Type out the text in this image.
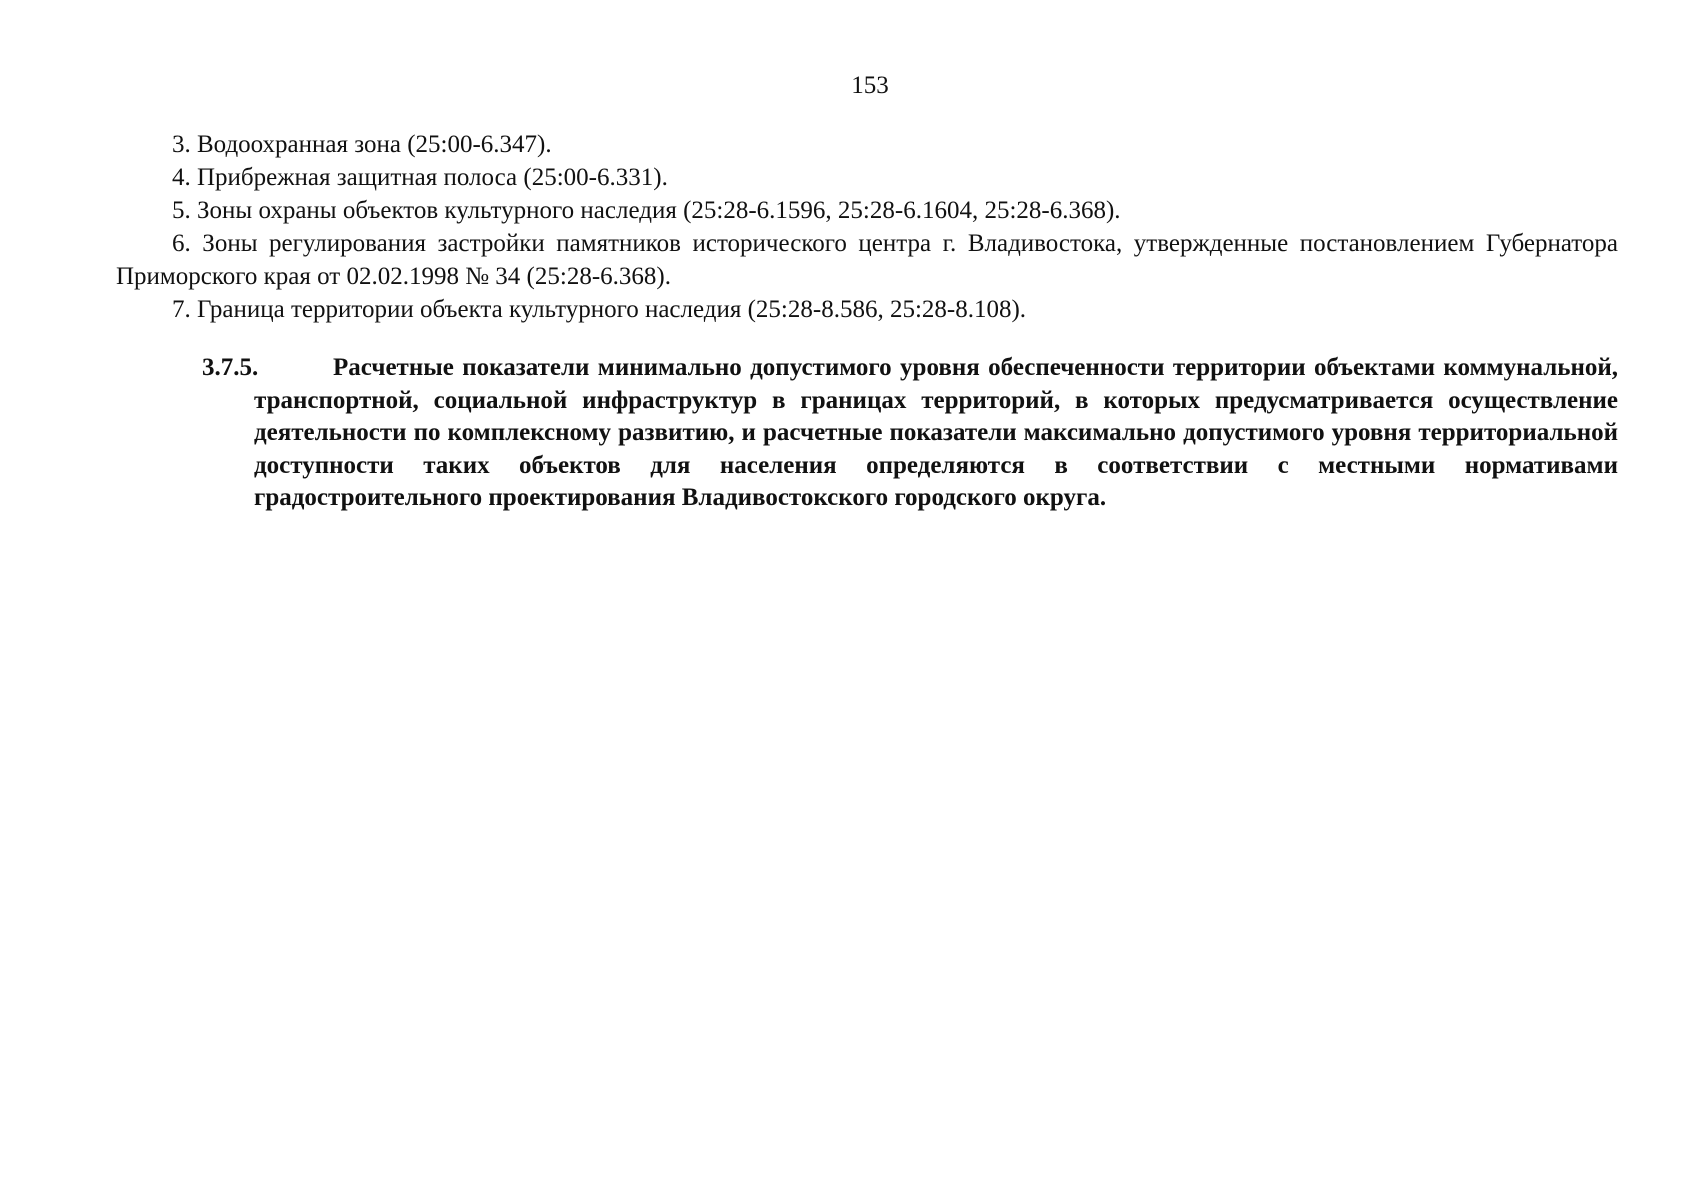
153

3. Водоохранная зона (25:00-6.347).

4. Прибрежная защитная полоса (25:00-6.331).

5. Зоны охраны объектов культурного наследия (25:28-6.1596, 25:28-6.1604, 25:28-6.368).

6. Зоны регулирования застройки памятников исторического центра г. Владивостока, утвержденные постановлением Губернатора Приморского края от 02.02.1998 № 34 (25:28-6.368).

7. Граница территории объекта культурного наследия (25:28-8.586, 25:28-8.108).

3.7.5.	Расчетные показатели минимально допустимого уровня обеспеченности территории объектами коммунальной, транспортной, социальной инфраструктур в границах территорий, в которых предусматривается осуществление деятельности по комплексному развитию, и расчетные показатели максимально допустимого уровня территориальной доступности таких объектов для населения определяются в соответствии с местными нормативами градостроительного проектирования Владивостокского городского округа.
